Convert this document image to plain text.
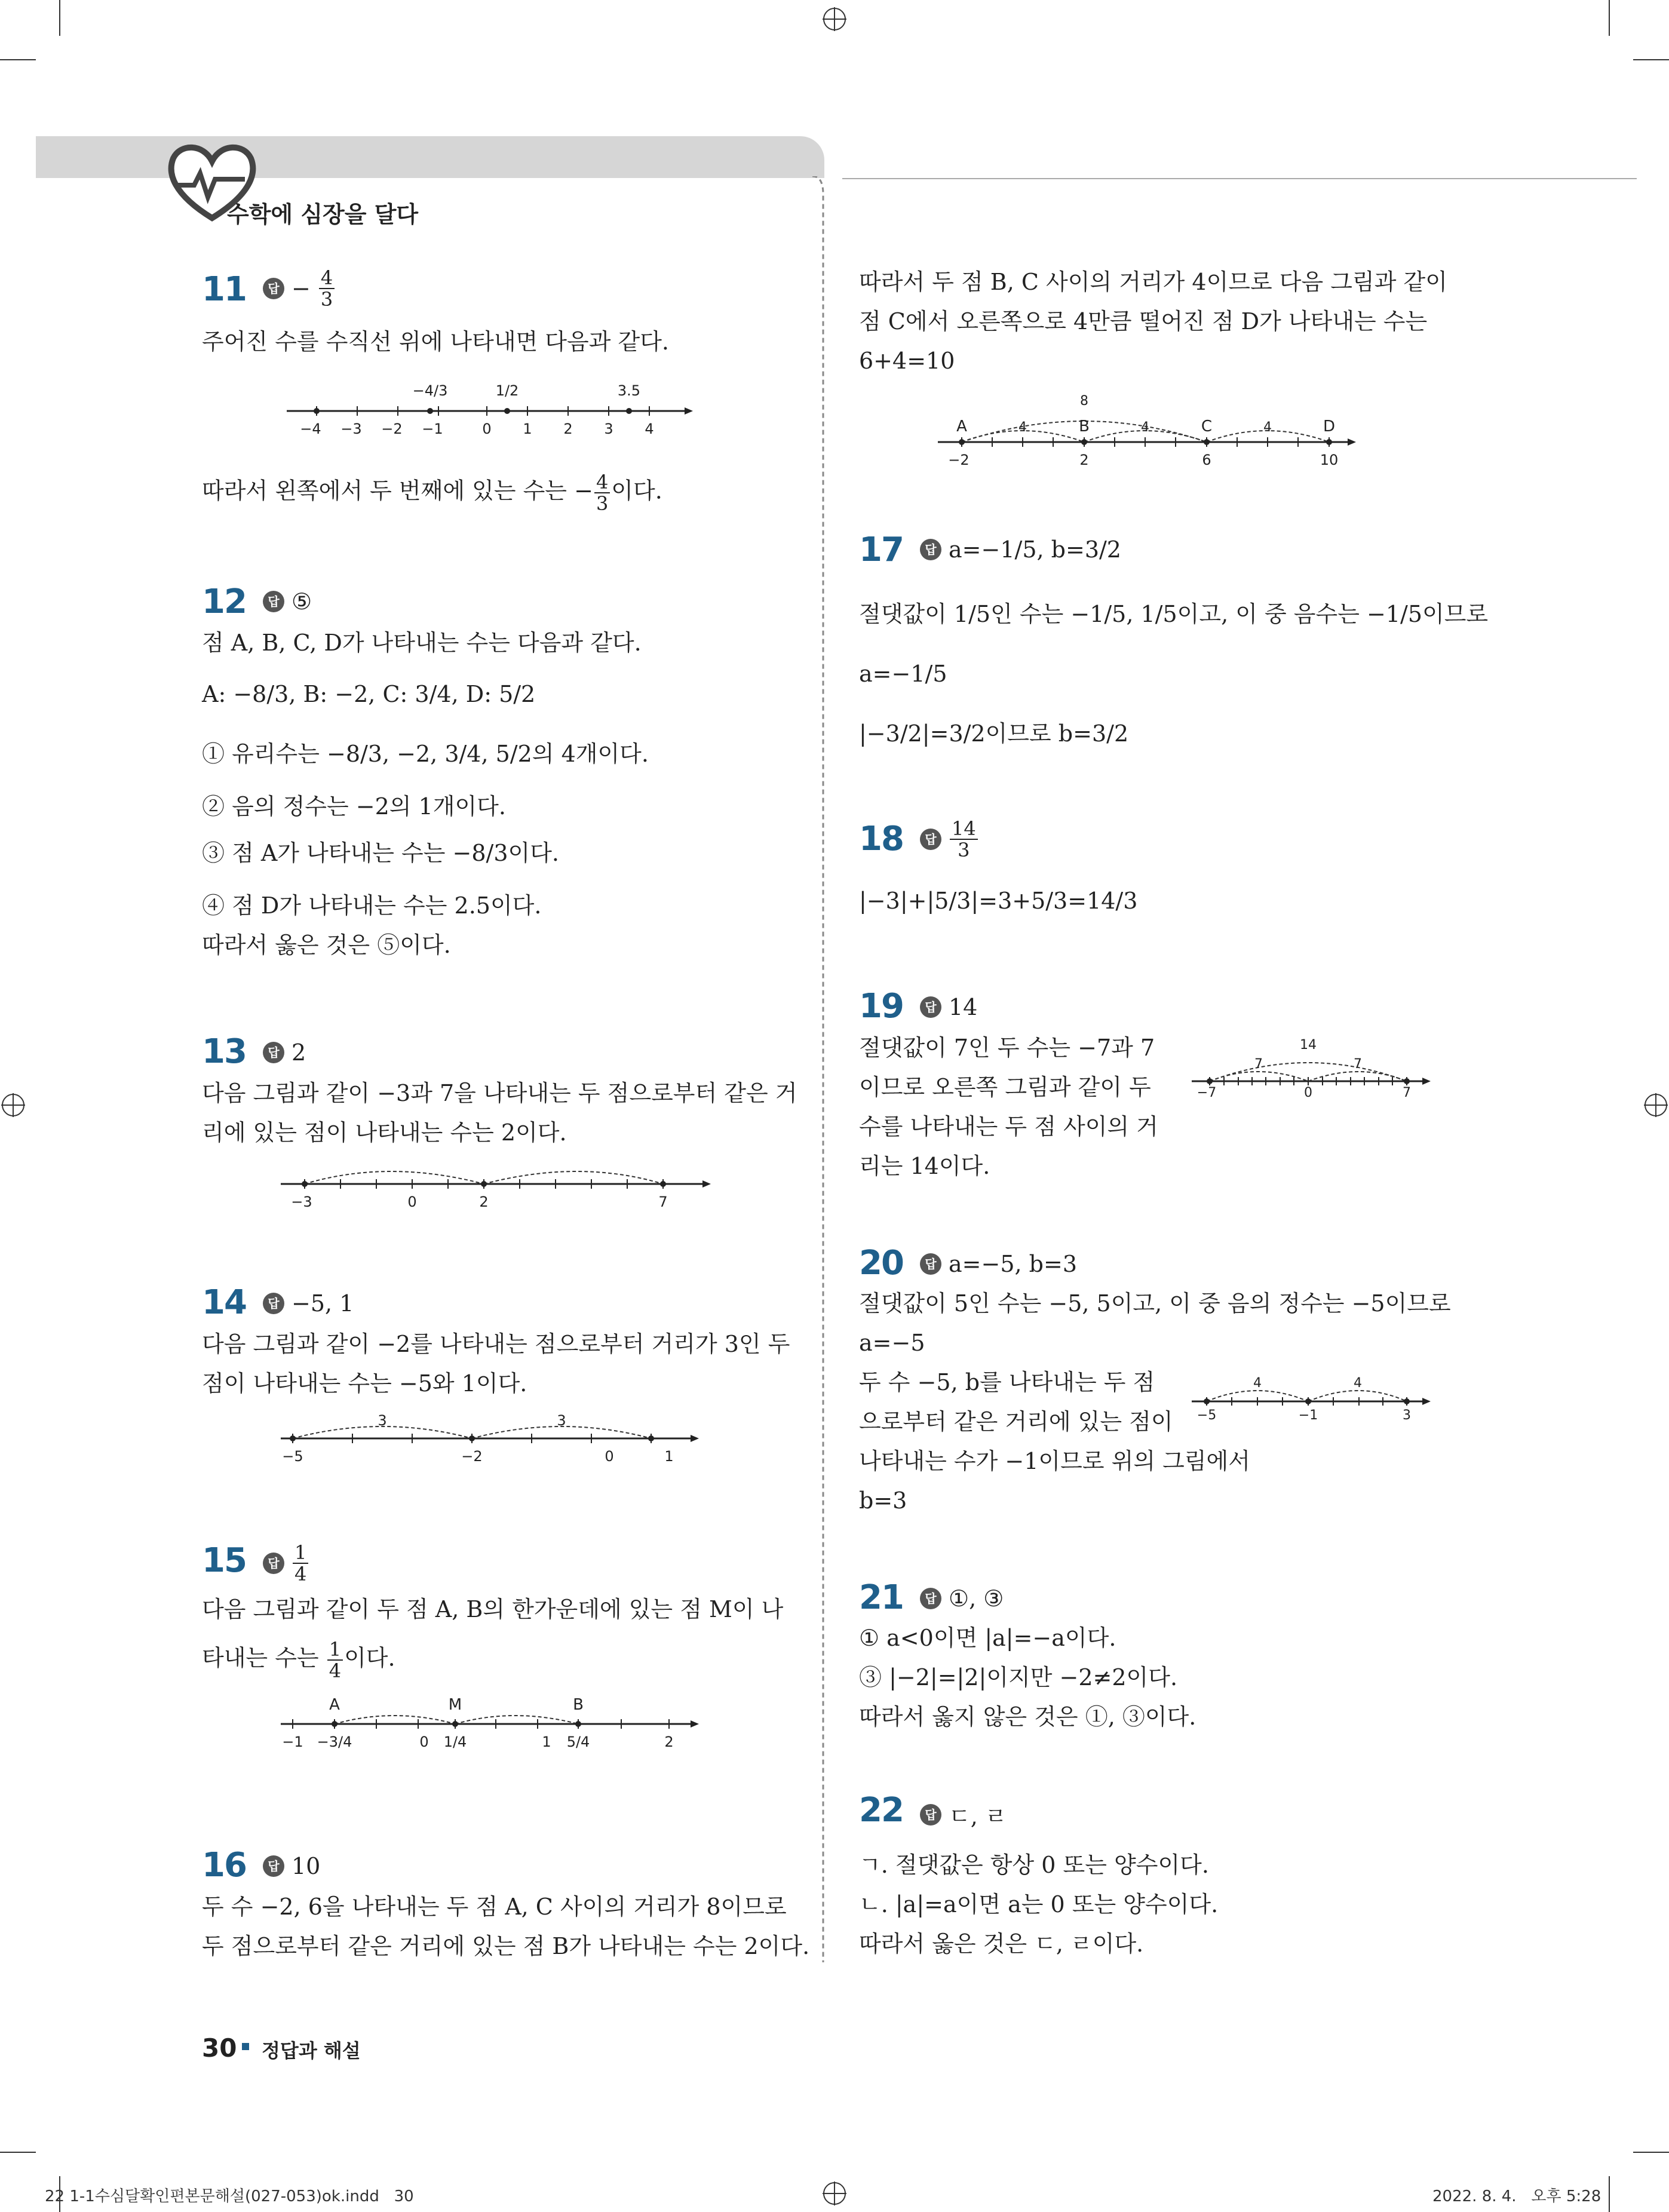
수학에 심장을 달다
11	답 − $\frac{4}{3}$
주어진 수를 수직선 위에 나타내면 다음과 같다.
−4 −3 −2 −1	0 1 2 3 4
−4/3	1/2	3.5
따라서 왼쪽에서 두 번째에 있는 수는 − $\frac{4}{3}$ 이다.
12	답 ⑤
점 A, B, C, D가 나타내는 수는 다음과 같다.
A: −8/3, B: −2, C: 3/4, D: 5/2
① 유리수는 −8/3, −2, 3/4, 5/2의 4개이다.
② 음의 정수는 −2의 1개이다.
③ 점 A가 나타내는 수는 −8/3이다.
④ 점 D가 나타내는 수는 2.5이다.
따라서 옳은 것은 ⑤이다.
13	답 2
다음 그림과 같이 −3과 7을 나타내는 두 점으로부터 같은 거
리에 있는 점이 나타내는 수는 2이다.
−3	0	2	7
14	답 −5, 1
다음 그림과 같이 −2를 나타내는 점으로부터 거리가 3인 두
점이 나타내는 수는 −5와 1이다.
3	3
−5	−2	0	1
15	답 $\frac{1}{4}$
다음 그림과 같이 두 점 A, B의 한가운데에 있는 점 M이 나
타내는 수는 $\frac{1}{4}$ 이다.
A	M	B
−1 −3/4	0 1/4	1 5/4	2
16	답 10
두 수 −2, 6을 나타내는 두 점 A, C 사이의 거리가 8이므로
두 점으로부터 같은 거리에 있는 점 B가 나타내는 수는 2이다.
따라서 두 점 B, C 사이의 거리가 4이므로 다음 그림과 같이
점 C에서 오른쪽으로 4만큼 떨어진 점 D가 나타내는 수는
6+4=10
A	B	C	D
8
4	4	4
−2	2	6	10
17	답 a=−1/5, b=3/2
절댓값이 1/5인 수는 −1/5, 1/5이고, 이 중 음수는 −1/5이므로
a=−1/5
|−3/2|=3/2이므로 b=3/2
18	답 $\frac{14}{3}$
|−3|+|5/3|=3+5/3=14/3
19	답 14
절댓값이 7인 두 수는 −7과 7
이므로 오른쪽 그림과 같이 두
수를 나타내는 두 점 사이의 거
리는 14이다.
14
7	7
−7	0	7
20	답 a=−5, b=3
절댓값이 5인 수는 −5, 5이고, 이 중 음의 정수는 −5이므로
a=−5
두 수 −5, b를 나타내는 두 점
으로부터 같은 거리에 있는 점이
나타내는 수가 −1이므로 위의 그림에서
b=3
4	4
−5	−1	3
21	답 ①, ③
① a<0이면 |a|=−a이다.
③ |−2|=|2|이지만 −2≠2이다.
따라서 옳지 않은 것은 ①, ③이다.
22	답 ㄷ, ㄹ
ㄱ. 절댓값은 항상 0 또는 양수이다.
ㄴ. |a|=a이면 a는 0 또는 양수이다.
따라서 옳은 것은 ㄷ, ㄹ이다.
30 정답과 해설
22 1-1수심달확인편본문해설(027-053)ok.indd   30	2022. 8. 4.   오후 5:28
